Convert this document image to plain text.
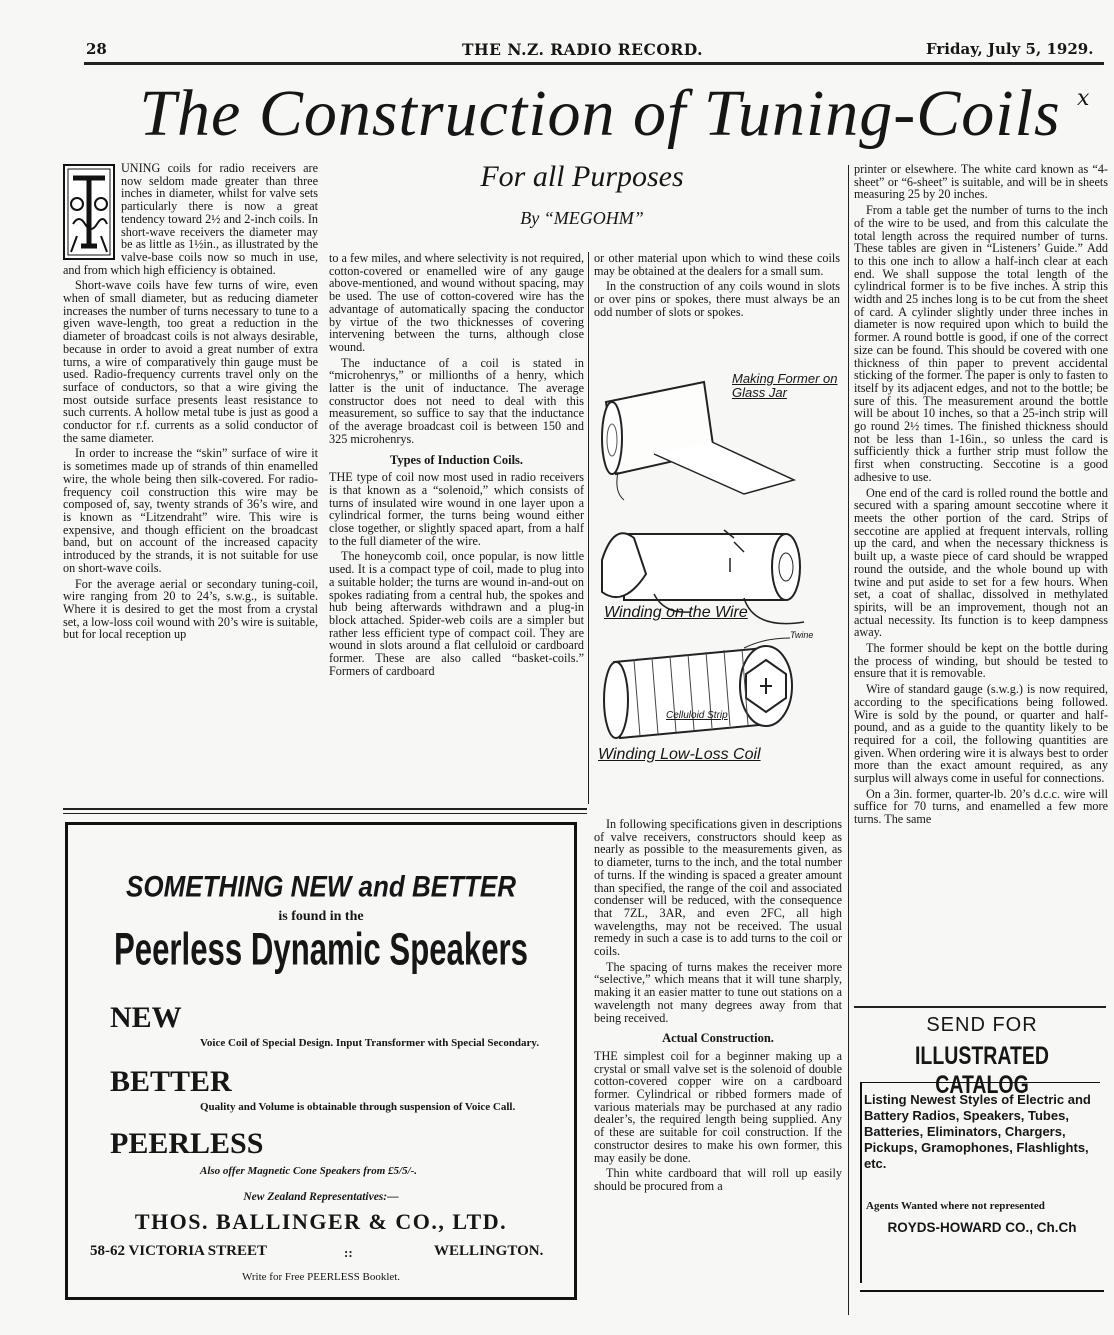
28	THE N.Z. RADIO RECORD.	Friday, July 5, 1929.
The Construction of Tuning-Coils x

UNING coils for radio receivers are now seldom made greater than three inches in diameter, whilst for valve sets particularly there is now a great tendency toward 2½ and 2-inch coils. In short-wave receivers the diameter may be as little as 1½in., as illustrated by the valve-base coils now so much in use, and from which high efficiency is obtained.

Short-wave coils have few turns of wire, even when of small diameter, but as reducing diameter increases the number of turns necessary to tune to a given wave-length, too great a reduction in the diameter of broadcast coils is not always desirable, because in order to avoid a great number of extra turns, a wire of comparatively thin gauge must be used. Radio-frequency currents travel only on the surface of conductors, so that a wire giving the most outside surface presents least resistance to such currents. A hollow metal tube is just as good a conductor for r.f. currents as a solid conductor of the same diameter.

In order to increase the “skin” surface of wire it is sometimes made up of strands of thin enamelled wire, the whole being then silk-covered. For radio-frequency coil construction this wire may be composed of, say, twenty strands of 36’s wire, and is known as “Litzendraht” wire. This wire is expensive, and though efficient on the broadcast band, but on account of the increased capacity introduced by the strands, it is not suitable for use on short-wave coils.

For the average aerial or secondary tuning-coil, wire ranging from 20 to 24’s, s.w.g., is suitable. Where it is desired to get the most from a crystal set, a low-loss coil wound with 20’s wire is suitable, but for local reception up

For all Purposes
By “MEGOHM”

to a few miles, and where selectivity is not required, cotton-covered or enamelled wire of any gauge above-mentioned, and wound without spacing, may be used. The use of cotton-covered wire has the advantage of automatically spacing the conductor by virtue of the two thicknesses of covering intervening between the turns, although close wound.

The inductance of a coil is stated in “microhenrys,” or millionths of a henry, which latter is the unit of inductance. The average constructor does not need to deal with this measurement, so suffice to say that the inductance of the average broadcast coil is between 150 and 325 microhenrys.

Types of Induction Coils.

THE type of coil now most used in radio receivers is that known as a “solenoid,” which consists of turns of insulated wire wound in one layer upon a cylindrical former, the turns being wound either close together, or slightly spaced apart, from a half to the full diameter of the wire.

The honeycomb coil, once popular, is now little used. It is a compact type of coil, made to plug into a suitable holder; the turns are wound in-and-out on spokes radiating from a central hub, the spokes and hub being afterwards withdrawn and a plug-in block attached. Spider-web coils are a simpler but rather less efficient type of compact coil. They are wound in slots around a flat celluloid or cardboard former. These are also called “basket-coils.” Formers of cardboard

or other material upon which to wind these coils may be obtained at the dealers for a small sum.

In the construction of any coils wound in slots or over pins or spokes, there must always be an odd number of slots or spokes.

Making Former on Glass Jar
Winding on the Wire
Twine
Celluloid Strip
Winding Low-Loss Coil

In following specifications given in descriptions of valve receivers, constructors should keep as nearly as possible to the measurements given, as to diameter, turns to the inch, and the total number of turns. If the winding is spaced a greater amount than specified, the range of the coil and associated condenser will be reduced, with the consequence that 7ZL, 3AR, and even 2FC, all high wavelengths, may not be received. The usual remedy in such a case is to add turns to the coil or coils.

The spacing of turns makes the receiver more “selective,” which means that it will tune sharply, making it an easier matter to tune out stations on a wavelength not many degrees away from that being received.

Actual Construction.

THE simplest coil for a beginner making up a crystal or small valve set is the solenoid of double cotton-covered copper wire on a cardboard former. Cylindrical or ribbed formers made of various materials may be purchased at any radio dealer’s, the required length being supplied. Any of these are suitable for coil construction. If the constructor desires to make his own former, this may easily be done.

Thin white cardboard that will roll up easily should be procured from a

printer or elsewhere. The white card known as “4-sheet” or “6-sheet” is suitable, and will be in sheets measuring 25 by 20 inches.

From a table get the number of turns to the inch of the wire to be used, and from this calculate the total length across the required number of turns. These tables are given in “Listeners’ Guide.” Add to this one inch to allow a half-inch clear at each end. We shall suppose the total length of the cylindrical former is to be five inches. A strip this width and 25 inches long is to be cut from the sheet of card. A cylinder slightly under three inches in diameter is now required upon which to build the former. A round bottle is good, if one of the correct size can be found. This should be covered with one thickness of thin paper to prevent accidental sticking of the former. The paper is only to fasten to itself by its adjacent edges, and not to the bottle; be sure of this. The measurement around the bottle will be about 10 inches, so that a 25-inch strip will go round 2½ times. The finished thickness should not be less than 1-16in., so unless the card is sufficiently thick a further strip must follow the first when constructing. Seccotine is a good adhesive to use.

One end of the card is rolled round the bottle and secured with a sparing amount seccotine where it meets the other portion of the card. Strips of seccotine are applied at frequent intervals, rolling up the card, and when the necessary thickness is built up, a waste piece of card should be wrapped round the outside, and the whole bound up with twine and put aside to set for a few hours. When set, a coat of shallac, dissolved in methylated spirits, will be an improvement, though not an actual necessity. Its function is to keep dampness away.

The former should be kept on the bottle during the process of winding, but should be tested to ensure that it is removable.

Wire of standard gauge (s.w.g.) is now required, according to the specifications being followed. Wire is sold by the pound, or quarter and half-pound, and as a guide to the quantity likely to be required for a coil, the following quantities are given. When ordering wire it is always best to order more than the exact amount required, as any surplus will always come in useful for connections.

On a 3in. former, quarter-lb. 20’s d.c.c. wire will suffice for 70 turns, and enamelled a few more turns. The same

SOMETHING NEW and BETTER
is found in the
Peerless Dynamic Speakers
NEW
Voice Coil of Special Design. Input Transformer with Special Secondary.
BETTER
Quality and Volume is obtainable through suspension of Voice Call.
PEERLESS
Also offer Magnetic Cone Speakers from £5/5/-.
New Zealand Representatives:—
THOS. BALLINGER & CO., LTD.
58-62 VICTORIA STREET	::	WELLINGTON.
Write for Free PEERLESS Booklet.
SEND FOR
ILLUSTRATED CATALOG
Listing Newest Styles of Electric and Battery Radios, Speakers, Tubes, Batteries, Eliminators, Chargers, Pickups, Gramophones, Flashlights, etc.
Agents Wanted where not represented
ROYDS-HOWARD CO., Ch.Ch
